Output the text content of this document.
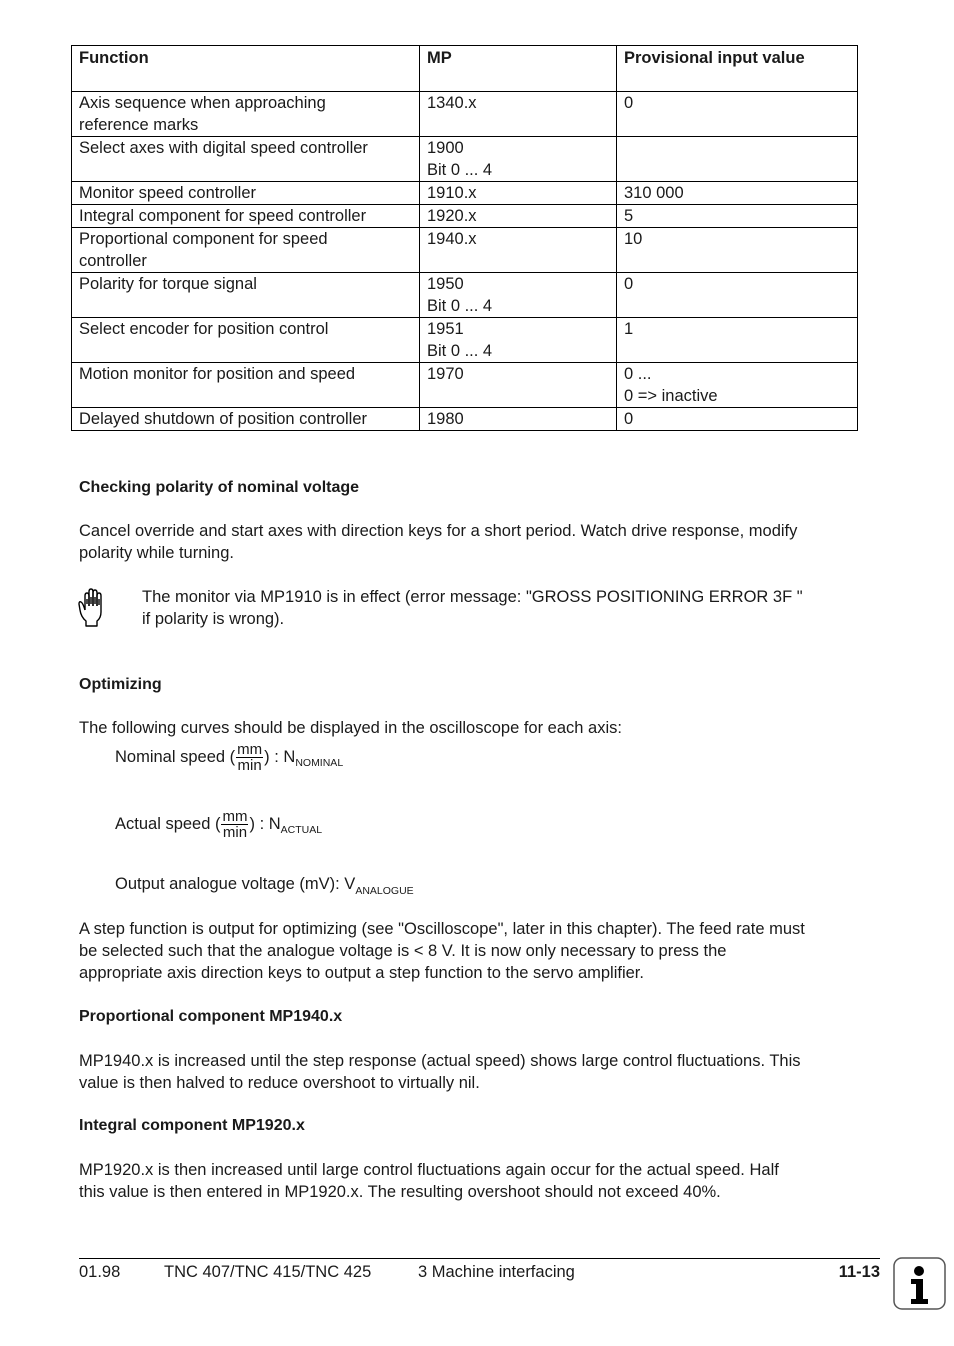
Function	MP	Provisional input value

Axis sequence when approaching
reference marks	1340.x	0

Select axes with digital speed controller	1900
Bit 0 ... 4	

Monitor speed controller	1910.x	310 000

Integral component for speed controller	1920.x	5

Proportional component for speed
controller	1940.x	10

Polarity for torque signal	1950
Bit 0 ... 4	0

Select encoder for position control	1951
Bit 0 ... 4	1

Motion monitor for position and speed	1970	0 ...
0 => inactive

Delayed shutdown of position controller	1980	0
Checking polarity of nominal voltage
Cancel override and start axes with direction keys for a short period. Watch drive response, modify
polarity while turning.
The monitor via MP1910 is in effect (error message: "GROSS POSITIONING ERROR 3F "
if polarity is wrong).
Optimizing
The following curves should be displayed in the oscilloscope for each axis:
Nominal speed ( $\frac{mm}{\min}$ ) : N NOMINAL
Actual speed ( $\frac{mm}{\min}$ ) : N ACTUAL
Output analogue voltage (mV): $V_{ANALOGUE}$
A step function is output for optimizing (see "Oscilloscope", later in this chapter). The feed rate must
be selected such that the analogue voltage is < 8 V. It is now only necessary to press the
appropriate axis direction keys to output a step function to the servo amplifier.
Proportional component MP1940.x
MP1940.x is increased until the step response (actual speed) shows large control fluctuations. This
value is then halved to reduce overshoot to virtually nil.
Integral component MP1920.x
MP1920.x is then increased until large control fluctuations again occur for the actual speed. Half
this value is then entered in MP1920.x. The resulting overshoot should not exceed 40%.
01.98	TNC 407/TNC 415/TNC 425	3 Machine interfacing	11-13
